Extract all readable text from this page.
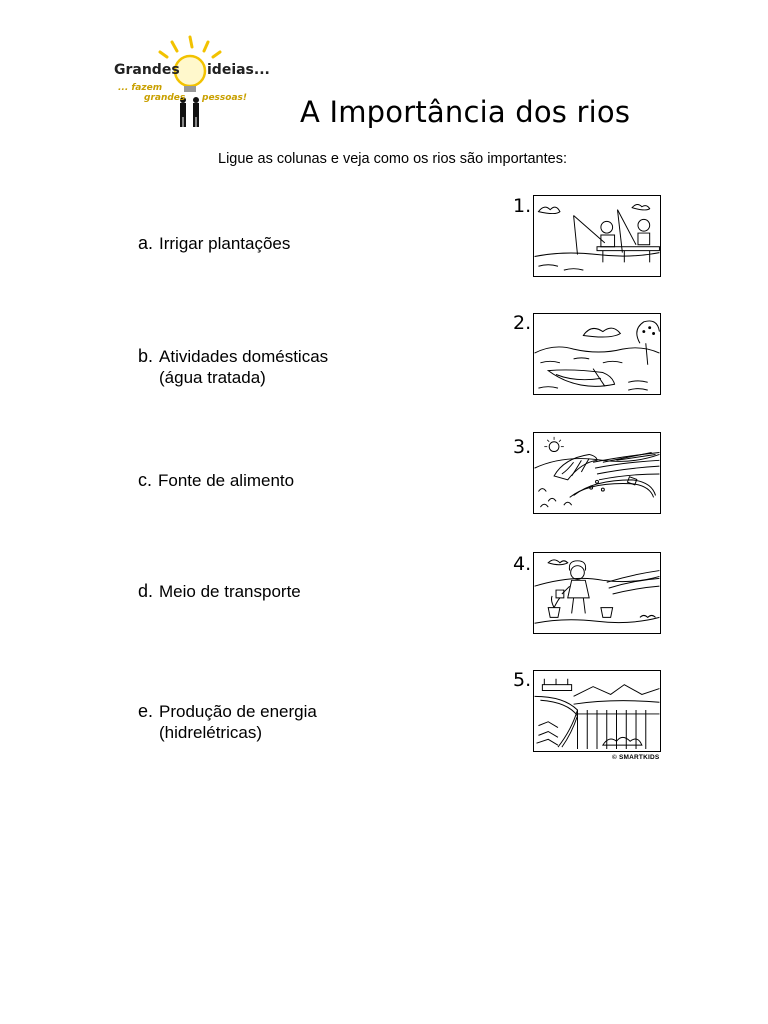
Grandes ideias...
... fazem
grandes pessoas! A Importância dos rios
Ligue as colunas e veja como os rios são importantes:
a. Irrigar plantações
b. Atividades domésticas
(água tratada)
c. Fonte de alimento
d. Meio de transporte
e. Produção de energia
(hidrelétricas)
1.
2.
3.
4.
5.
© SMARTKIDS
